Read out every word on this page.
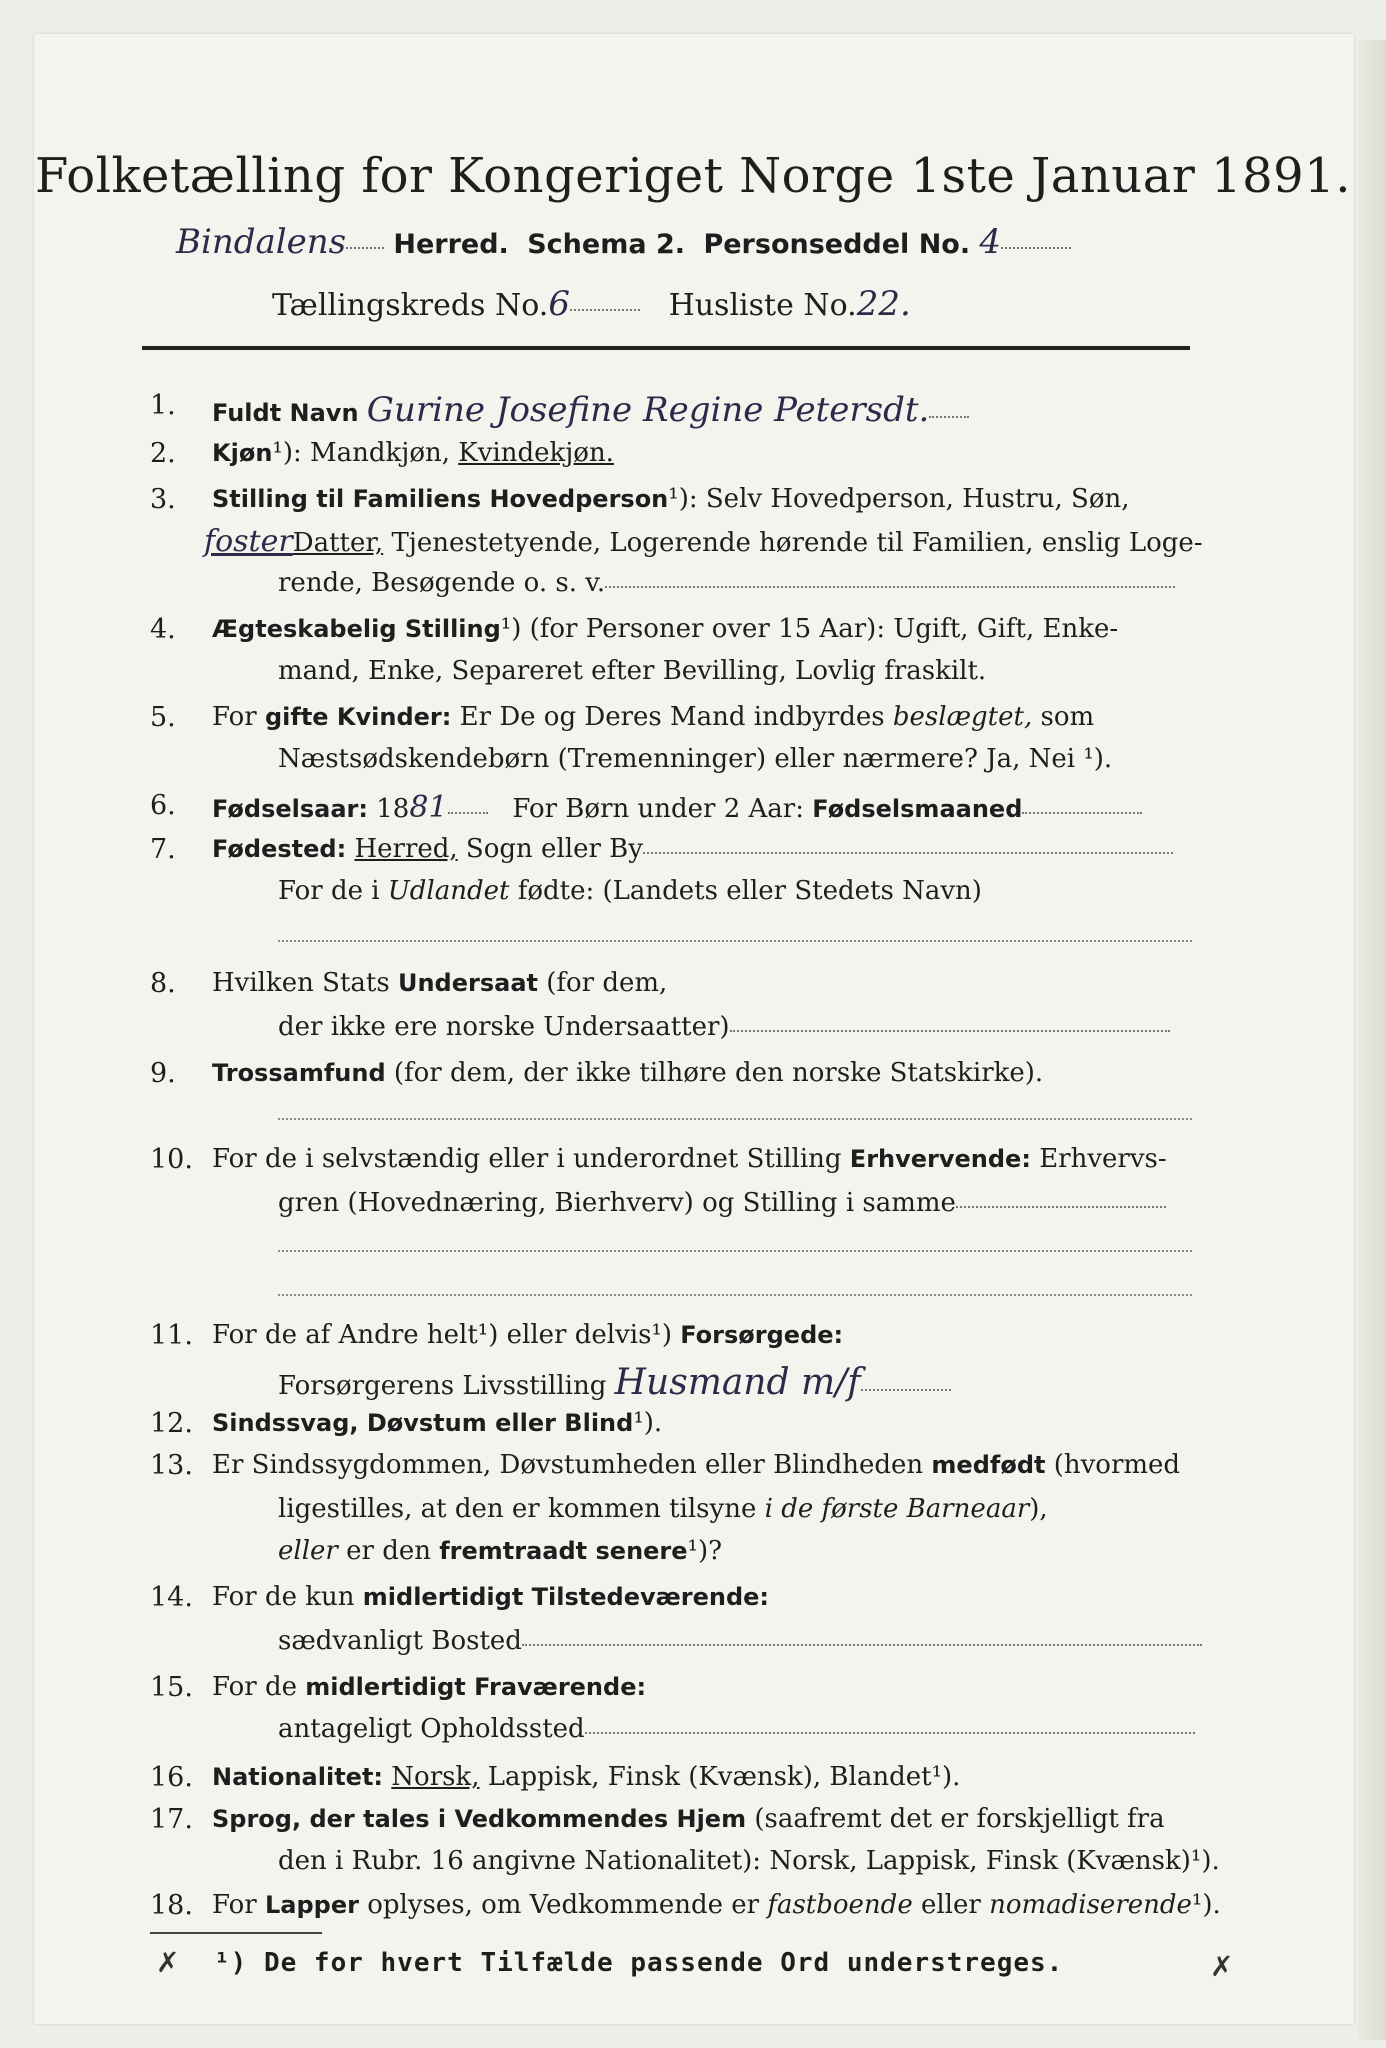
Folketælling for Kongeriget Norge 1ste Januar 1891.
Bindalens Herred. Schema 2. Personseddel No. 4
Tællingskreds No.6	Husliste No.22.
1. Fuldt Navn Gurine Josefine Regine Petersdt.
2. Kjøn¹): Mandkjøn, Kvindekjøn.
3. Stilling til Familiens Hovedperson¹): Selv Hovedperson, Hustru, Søn,
fosterDatter, Tjenestetyende, Logerende hørende til Familien, enslig Loge-
rende, Besøgende o. s. v.
4. Ægteskabelig Stilling¹) (for Personer over 15 Aar): Ugift, Gift, Enke-
mand, Enke, Separeret efter Bevilling, Lovlig fraskilt.
5. For gifte Kvinder: Er De og Deres Mand indbyrdes beslægtet, som
Næstsødskendebørn (Tremenninger) eller nærmere? Ja, Nei ¹).
6. Fødselsaar: 1881 For Børn under 2 Aar: Fødselsmaaned
7. Fødested: Herred, Sogn eller By
For de i Udlandet fødte: (Landets eller Stedets Navn)
8. Hvilken Stats Undersaat (for dem,
der ikke ere norske Undersaatter)
9. Trossamfund (for dem, der ikke tilhøre den norske Statskirke).
10. For de i selvstændig eller i underordnet Stilling Erhvervende: Erhvervs-
gren (Hovednæring, Bierhverv) og Stilling i samme
11. For de af Andre helt¹) eller delvis¹) Forsørgede:
Forsørgerens Livsstilling Husmand m/f
12. Sindssvag, Døvstum eller Blind¹).
13. Er Sindssygdommen, Døvstumheden eller Blindheden medfødt (hvormed
ligestilles, at den er kommen tilsyne i de første Barneaar),
eller er den fremtraadt senere¹)?
14. For de kun midlertidigt Tilstedeværende:
sædvanligt Bosted
15. For de midlertidigt Fraværende:
antageligt Opholdssted
16. Nationalitet: Norsk, Lappisk, Finsk (Kvænsk), Blandet¹).
17. Sprog, der tales i Vedkommendes Hjem (saafremt det er forskjelligt fra
den i Rubr. 16 angivne Nationalitet): Norsk, Lappisk, Finsk (Kvænsk)¹).
18. For Lapper oplyses, om Vedkommende er fastboende eller nomadiserende¹).
¹) De for hvert Tilfælde passende Ord understreges.
✗	✗
